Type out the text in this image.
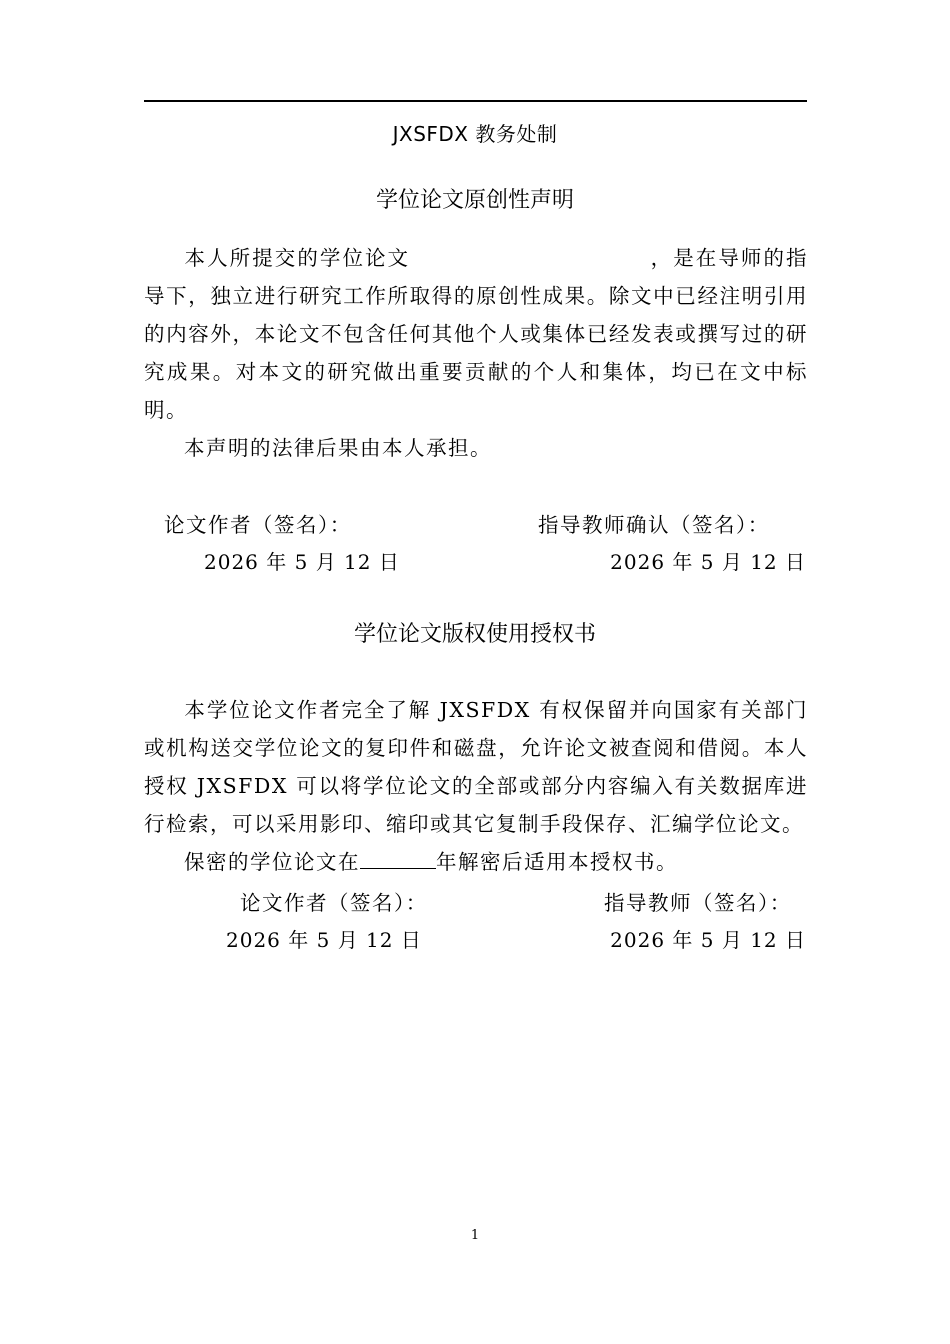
JXSFDX 教务处制
学位论文原创性声明
本人所提交的学位论文	，是在导师的指导下，独立进行研究工作所取得的原创性成果。除文中已经注明引用的内容外，本论文不包含任何其他个人或集体已经发表或撰写过的研究成果。对本文的研究做出重要贡献的个人和集体，均已在文中标明。
本声明的法律后果由本人承担。
论文作者（签名）：	指导教师确认（签名）：
2026 年 5 月 12 日	2026 年 5 月 12 日
学位论文版权使用授权书
本学位论文作者完全了解 JXSFDX 有权保留并向国家有关部门或机构送交学位论文的复印件和磁盘，允许论文被查阅和借阅。本人授权 JXSFDX 可以将学位论文的全部或部分内容编入有关数据库进行检索，可以采用影印、缩印或其它复制手段保存、汇编学位论文。
保密的学位论文在	年解密后适用本授权书。
论文作者（签名）：	指导教师（签名）：
2026 年 5 月 12 日	2026 年 5 月 12 日
1
